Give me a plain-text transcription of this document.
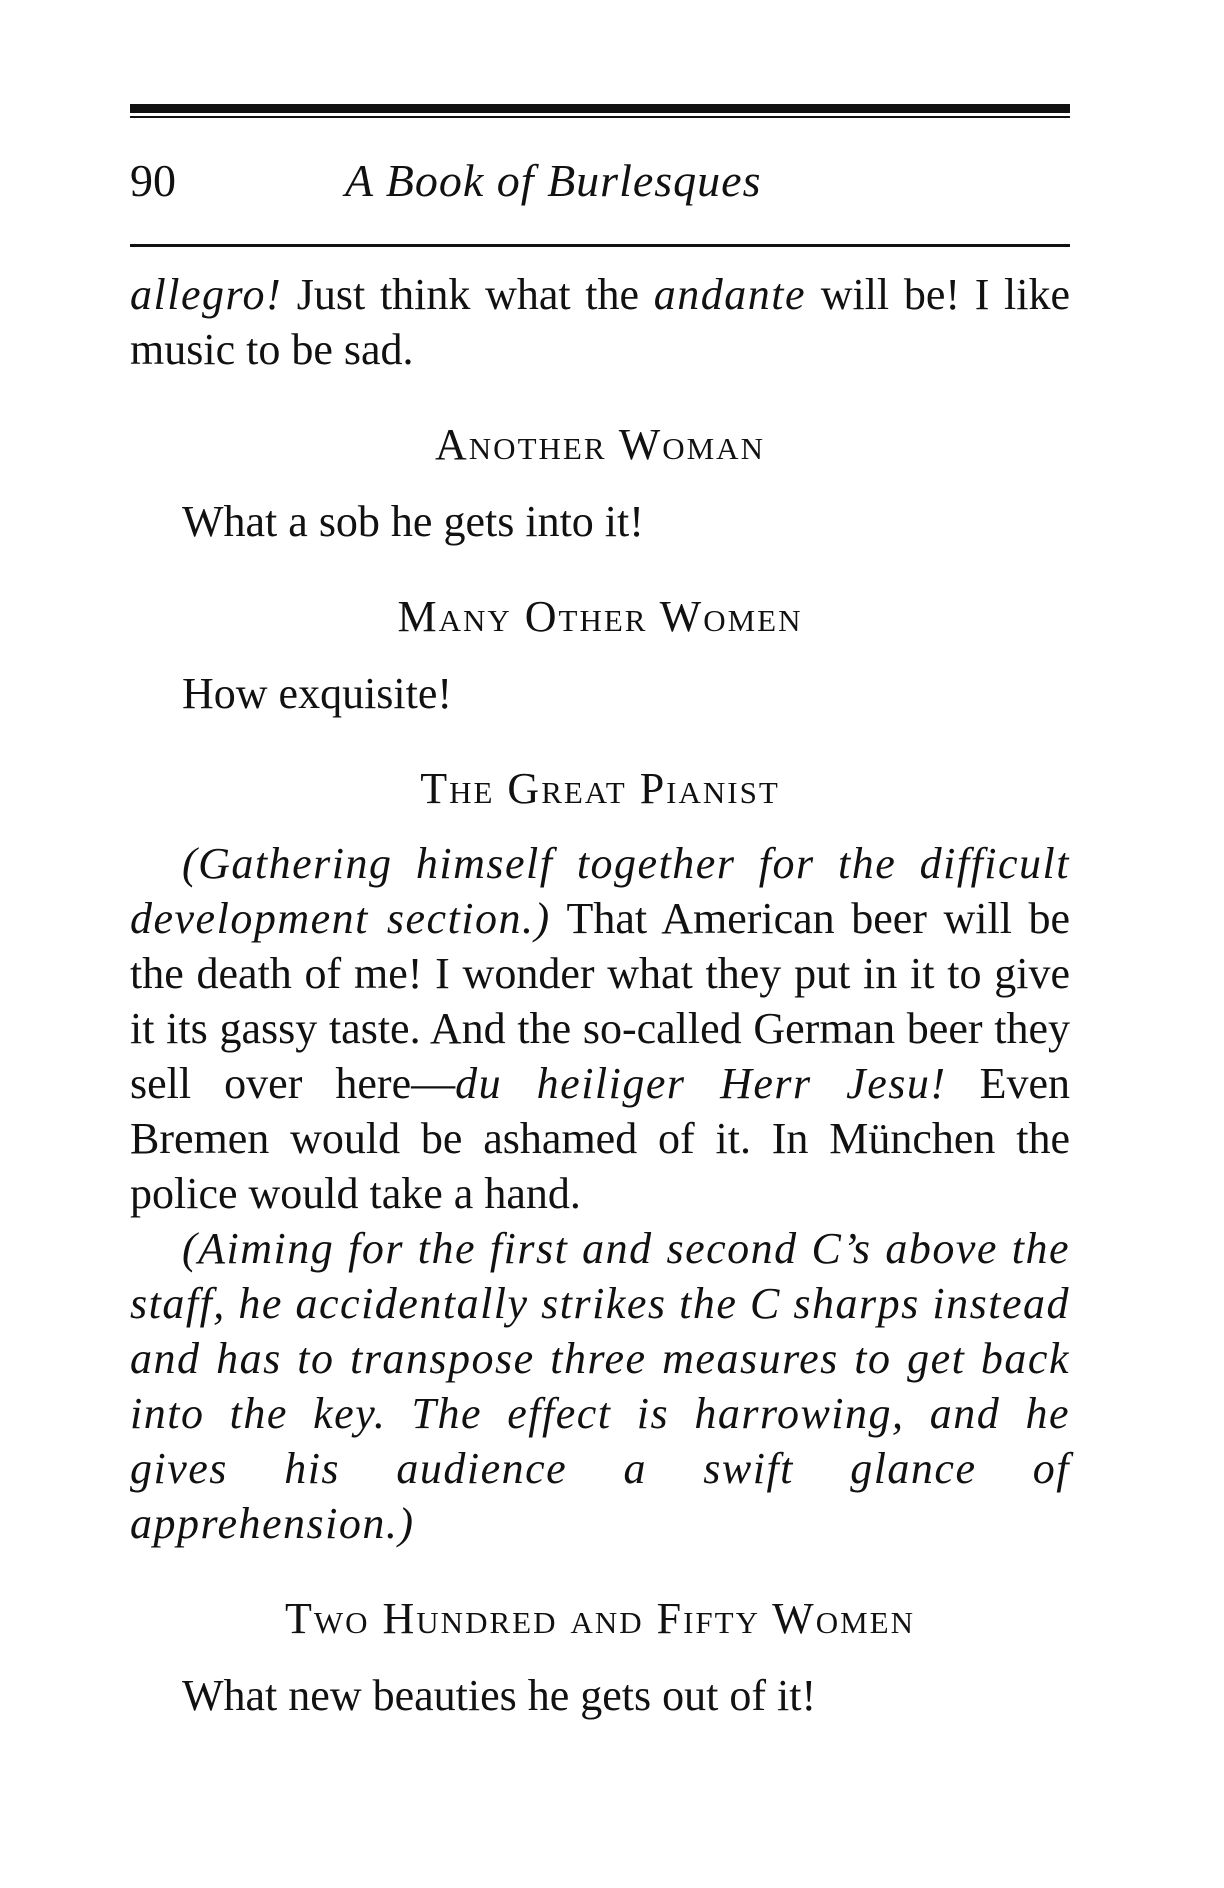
90	A Book of Burlesques

allegro! Just think what the andante will be! I like music to be sad.

Another Woman

What a sob he gets into it!

Many Other Women

How exquisite!

The Great Pianist

(Gathering himself together for the difficult development section.) That American beer will be the death of me! I wonder what they put in it to give it its gassy taste. And the so-called German beer they sell over here—du heiliger Herr Jesu! Even Bremen would be ashamed of it. In München the police would take a hand.

(Aiming for the first and second C’s above the staff, he accidentally strikes the C sharps instead and has to transpose three measures to get back into the key. The effect is harrowing, and he gives his audience a swift glance of apprehension.)

Two Hundred and Fifty Women

What new beauties he gets out of it!
